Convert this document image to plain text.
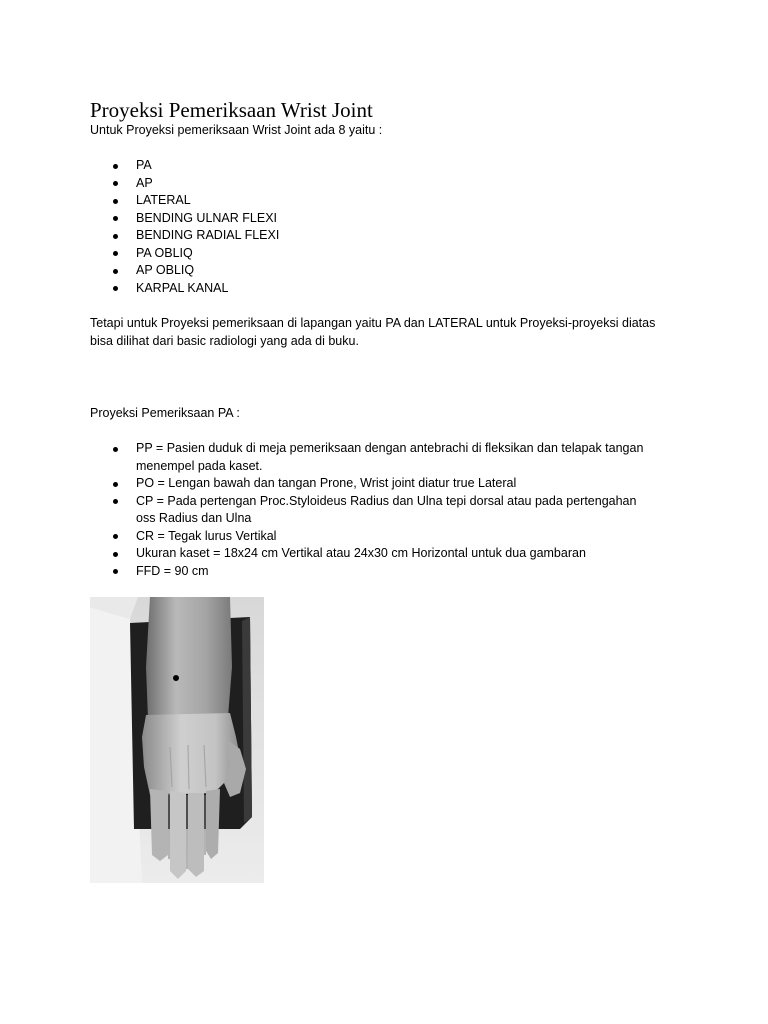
Proyeksi Pemeriksaan Wrist Joint

Untuk Proyeksi pemeriksaan Wrist Joint ada 8 yaitu :

PA
AP
LATERAL
BENDING ULNAR FLEXI
BENDING RADIAL FLEXI
PA OBLIQ
AP OBLIQ
KARPAL KANAL

Tetapi untuk Proyeksi pemeriksaan di lapangan yaitu PA dan LATERAL untuk Proyeksi-proyeksi diatas bisa dilihat dari basic radiologi yang ada di buku.

Proyeksi Pemeriksaan PA :

PP = Pasien duduk di meja pemeriksaan dengan antebrachi di fleksikan dan telapak tangan menempel pada kaset.
PO = Lengan bawah dan tangan Prone, Wrist joint diatur true Lateral
CP = Pada pertengan Proc.Styloideus Radius dan Ulna tepi dorsal atau pada pertengahan oss Radius dan Ulna
CR = Tegak lurus Vertikal
Ukuran kaset = 18x24 cm Vertikal atau 24x30 cm Horizontal untuk dua gambaran
FFD = 90 cm
